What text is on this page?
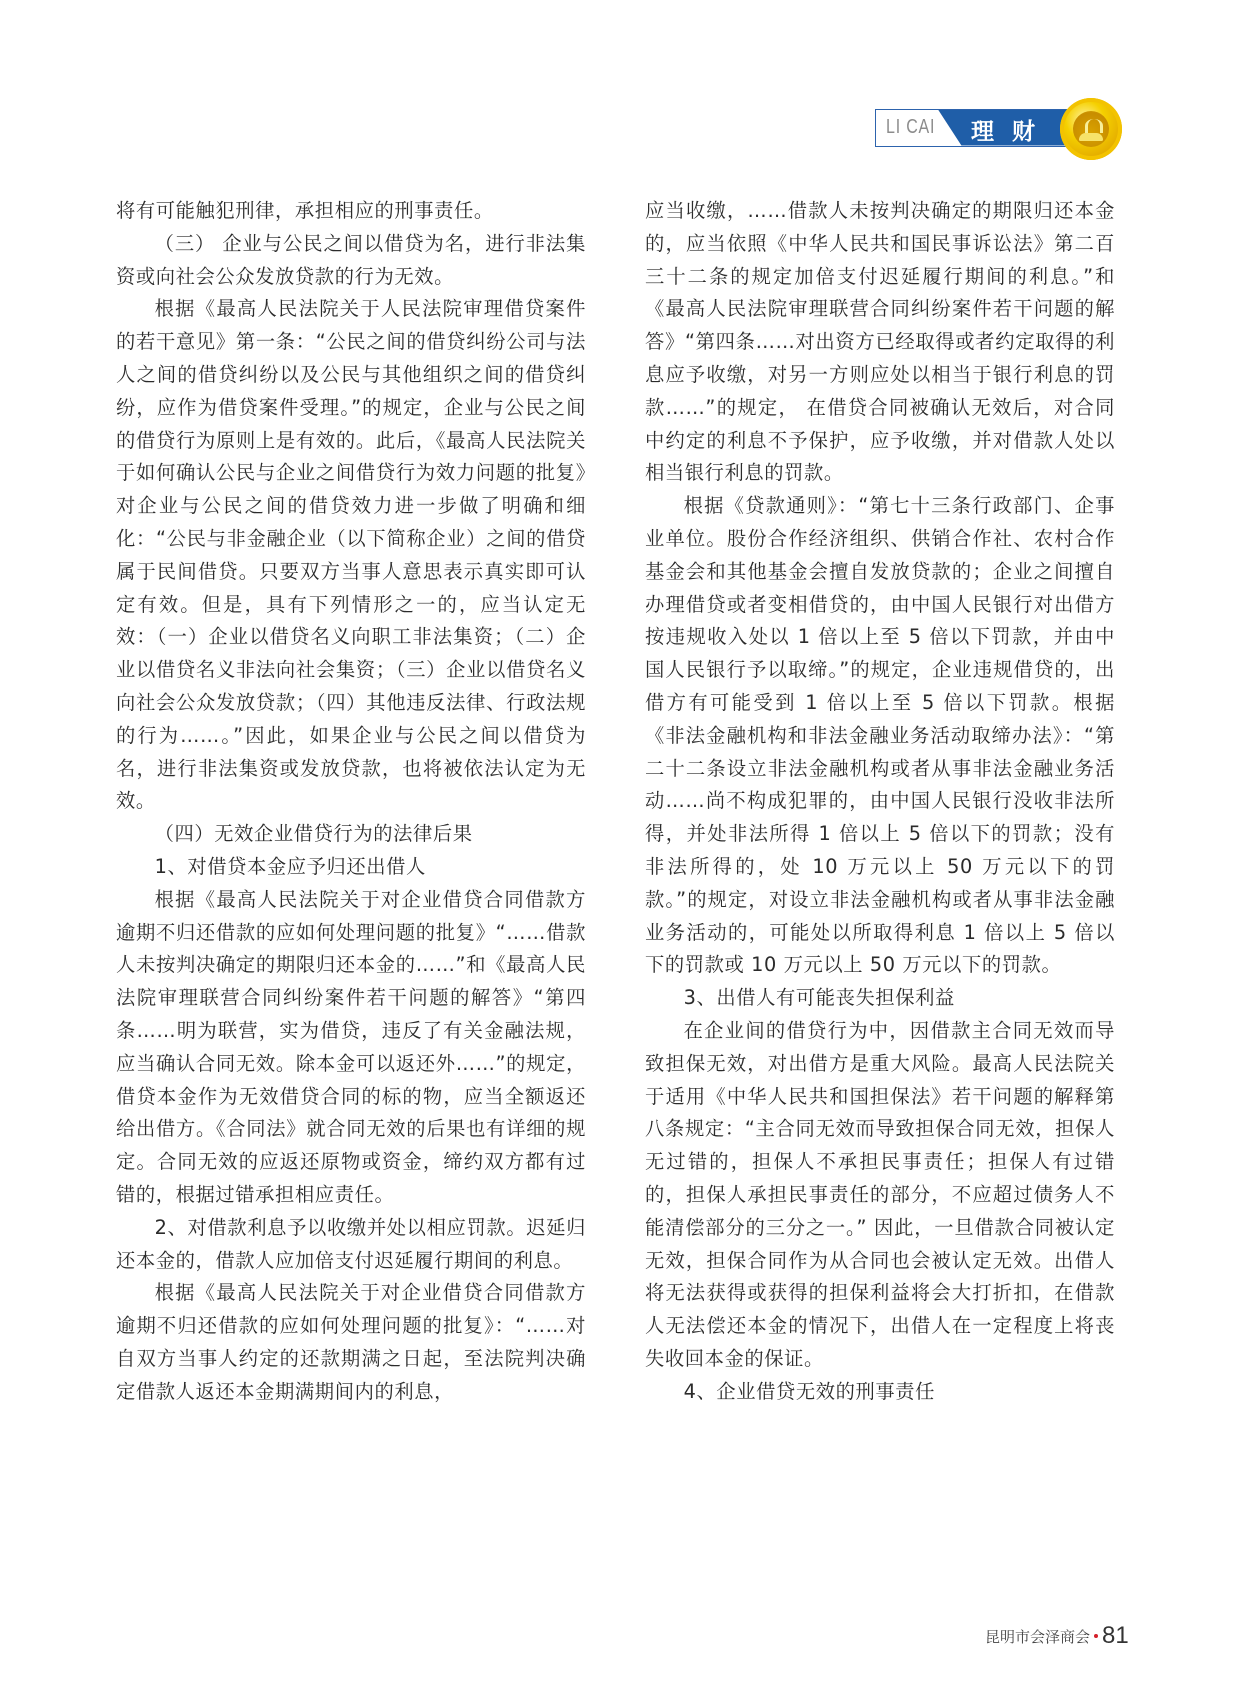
LI CAI 理财

将有可能触犯刑律，承担相应的刑事责任。

（三） 企业与公民之间以借贷为名，进行非法集资或向社会公众发放贷款的行为无效。

根据《最高人民法院关于人民法院审理借贷案件的若干意见》第一条：“公民之间的借贷纠纷公司与法人之间的借贷纠纷以及公民与其他组织之间的借贷纠纷，应作为借贷案件受理。”的规定，企业与公民之间的借贷行为原则上是有效的。此后，《最高人民法院关于如何确认公民与企业之间借贷行为效力问题的批复》对企业与公民之间的借贷效力进一步做了明确和细化：“公民与非金融企业（以下简称企业）之间的借贷属于民间借贷。只要双方当事人意思表示真实即可认定有效。但是，具有下列情形之一的，应当认定无效：（一）企业以借贷名义向职工非法集资；（二）企业以借贷名义非法向社会集资；（三）企业以借贷名义向社会公众发放贷款；（四）其他违反法律、行政法规的行为……。”因此，如果企业与公民之间以借贷为名，进行非法集资或发放贷款，也将被依法认定为无效。

（四）无效企业借贷行为的法律后果

1、对借贷本金应予归还出借人

根据《最高人民法院关于对企业借贷合同借款方逾期不归还借款的应如何处理问题的批复》“……借款人未按判决确定的期限归还本金的……”和《最高人民法院审理联营合同纠纷案件若干问题的解答》“第四条……明为联营，实为借贷，违反了有关金融法规，应当确认合同无效。除本金可以返还外……”的规定，借贷本金作为无效借贷合同的标的物，应当全额返还给出借方。《合同法》就合同无效的后果也有详细的规定。合同无效的应返还原物或资金，缔约双方都有过错的，根据过错承担相应责任。

2、对借款利息予以收缴并处以相应罚款。迟延归还本金的，借款人应加倍支付迟延履行期间的利息。

根据《最高人民法院关于对企业借贷合同借款方逾期不归还借款的应如何处理问题的批复》：“……对自双方当事人约定的还款期满之日起，至法院判决确定借款人返还本金期满期间内的利息，

应当收缴，……借款人未按判决确定的期限归还本金的，应当依照《中华人民共和国民事诉讼法》第二百三十二条的规定加倍支付迟延履行期间的利息。”和《最高人民法院审理联营合同纠纷案件若干问题的解答》“第四条……对出资方已经取得或者约定取得的利息应予收缴，对另一方则应处以相当于银行利息的罚款……”的规定， 在借贷合同被确认无效后，对合同中约定的利息不予保护，应予收缴，并对借款人处以相当银行利息的罚款。

根据《贷款通则》：“第七十三条行政部门、企事业单位。股份合作经济组织、供销合作社、农村合作基金会和其他基金会擅自发放贷款的；企业之间擅自办理借贷或者变相借贷的，由中国人民银行对出借方按违规收入处以 1 倍以上至 5 倍以下罚款，并由中国人民银行予以取缔。”的规定，企业违规借贷的，出借方有可能受到 1 倍以上至 5 倍以下罚款。根据《非法金融机构和非法金融业务活动取缔办法》：“第二十二条设立非法金融机构或者从事非法金融业务活动……尚不构成犯罪的，由中国人民银行没收非法所得，并处非法所得 1 倍以上 5 倍以下的罚款；没有非法所得的，处 10 万元以上 50 万元以下的罚款。”的规定，对设立非法金融机构或者从事非法金融业务活动的，可能处以所取得利息 1 倍以上 5 倍以下的罚款或 10 万元以上 50 万元以下的罚款。

3、出借人有可能丧失担保利益

在企业间的借贷行为中，因借款主合同无效而导致担保无效，对出借方是重大风险。最高人民法院关于适用《中华人民共和国担保法》若干问题的解释第八条规定：“主合同无效而导致担保合同无效，担保人无过错的，担保人不承担民事责任；担保人有过错的，担保人承担民事责任的部分，不应超过债务人不能清偿部分的三分之一。” 因此，一旦借款合同被认定无效，担保合同作为从合同也会被认定无效。出借人将无法获得或获得的担保利益将会大打折扣，在借款人无法偿还本金的情况下，出借人在一定程度上将丧失收回本金的保证。

4、企业借贷无效的刑事责任

昆明市会泽商会 81
